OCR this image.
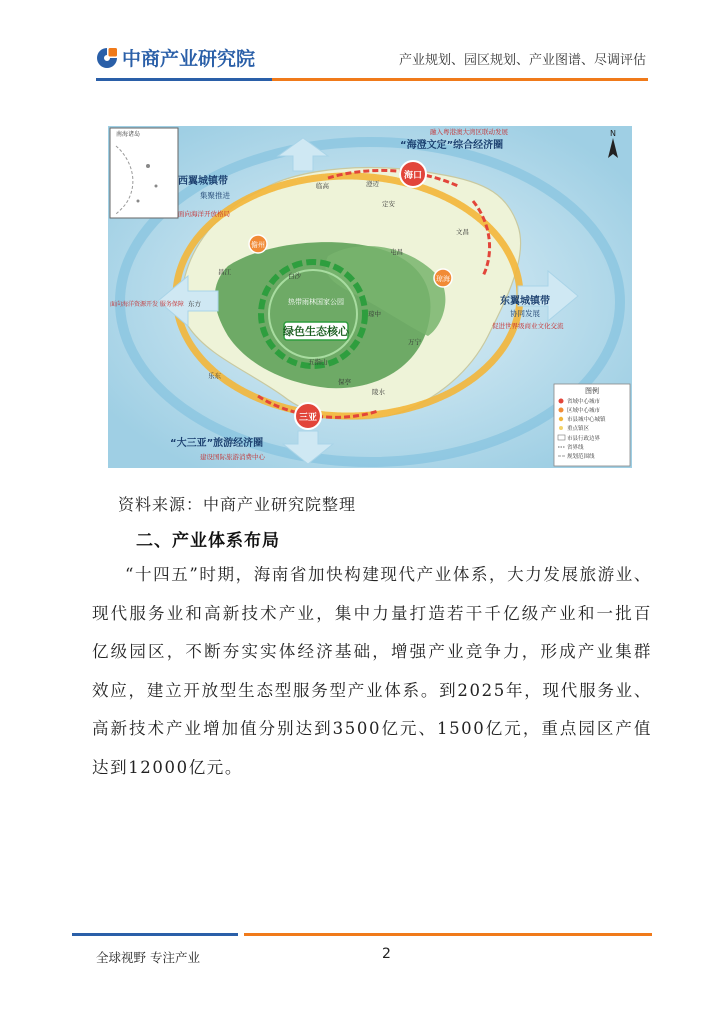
中商产业研究院	产业规划、园区规划、产业图谱、尽调评估
绿色生态核心
热带雨林国家公园
海口
三亚
儋州
琼海
澄迈
文昌
定安
五指山
临高
东方
乐东
陵水
保亭
万宁
昌江	白沙
琼中
屯昌
融入粤港澳大湾区联动发展
“海澄文定”综合经济圈
西翼城镇带
集聚推进
面向海洋开放格局
面向海洋资源开发 服务保障	东翼城镇带
协同发展
促进世界级商业文化交流
“大三亚”旅游经济圈
建设国际旅游消费中心
南海诸岛	N
图例
省域中心城市
区域中心城市
市县城中心城镇
重点镇区
市县行政边界
省界线
规划范围线
资料来源：中商产业研究院整理
二、产业体系布局
“十四五”时期，海南省加快构建现代产业体系，大力发展旅游业、现代服务业和高新技术产业，集中力量打造若干千亿级产业和一批百亿级园区，不断夯实实体经济基础，增强产业竞争力，形成产业集群效应，建立开放型生态型服务型产业体系。到2025年，现代服务业、高新技术产业增加值分别达到3500亿元、1500亿元，重点园区产值达到12000亿元。
全球视野 专注产业	2
